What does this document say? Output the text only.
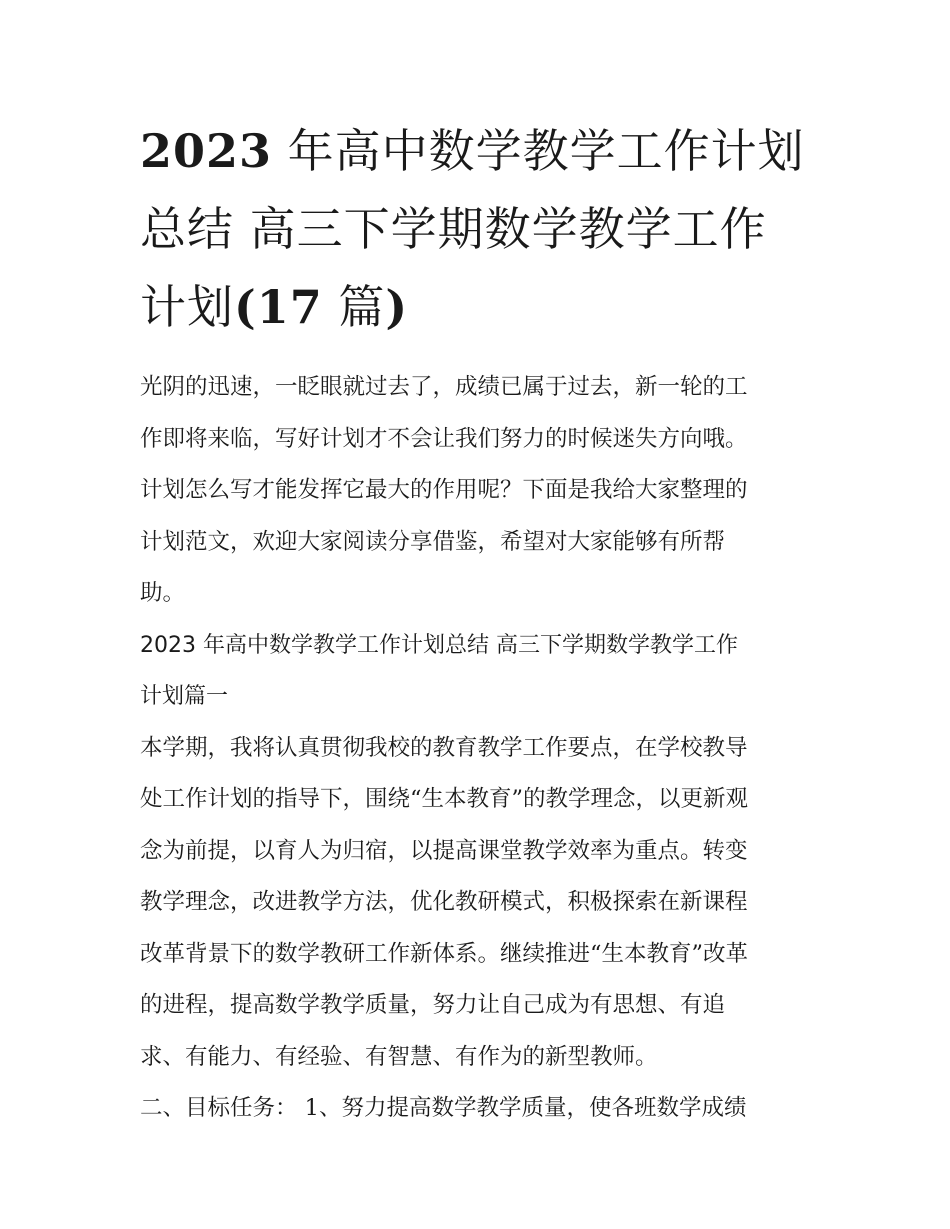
2023 年高中数学教学工作计划
总结 高三下学期数学教学工作
计划(17 篇)
光阴的迅速，一眨眼就过去了，成绩已属于过去，新一轮的工
作即将来临，写好计划才不会让我们努力的时候迷失方向哦。
计划怎么写才能发挥它最大的作用呢？下面是我给大家整理的
计划范文，欢迎大家阅读分享借鉴，希望对大家能够有所帮
助。
2023 年高中数学教学工作计划总结 高三下学期数学教学工作
计划篇一
本学期，我将认真贯彻我校的教育教学工作要点，在学校教导
处工作计划的指导下，围绕“生本教育”的教学理念，以更新观
念为前提，以育人为归宿，以提高课堂教学效率为重点。转变
教学理念，改进教学方法，优化教研模式，积极探索在新课程
改革背景下的数学教研工作新体系。继续推进“生本教育”改革
的进程，提高数学教学质量，努力让自己成为有思想、有追
求、有能力、有经验、有智慧、有作为的新型教师。
二、目标任务： 1、努力提高数学教学质量，使各班数学成绩
